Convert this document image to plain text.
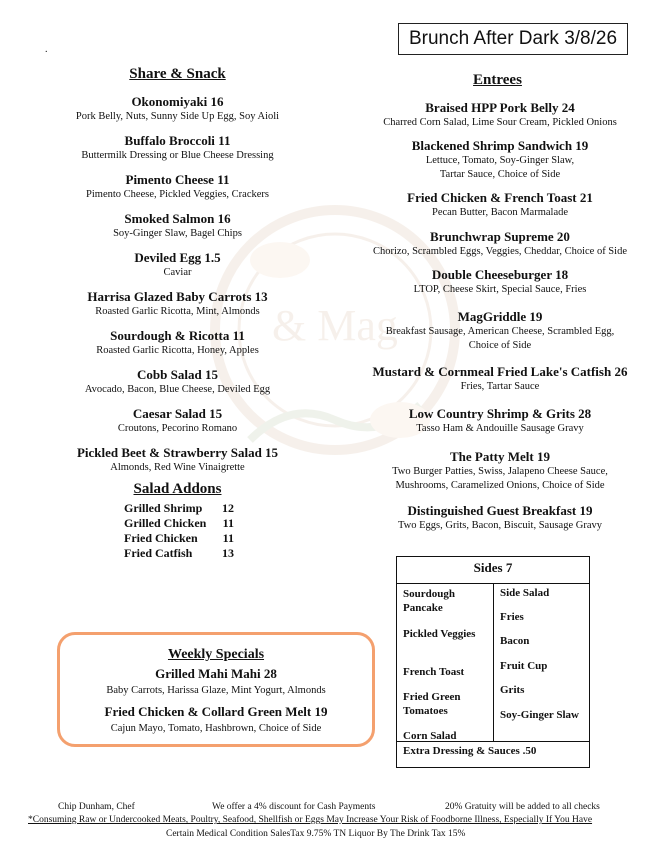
& Mag
Brunch After Dark 3/8/26
.
Share & Snack
Okonomiyaki 16
Pork Belly, Nuts, Sunny Side Up Egg, Soy Aioli
Buffalo Broccoli 11
Buttermilk Dressing or Blue Cheese Dressing
Pimento Cheese 11
Pimento Cheese, Pickled Veggies, Crackers
Smoked Salmon 16
Soy-Ginger Slaw, Bagel Chips
Deviled Egg 1.5
Caviar
Harrisa Glazed Baby Carrots 13
Roasted Garlic Ricotta, Mint, Almonds
Sourdough & Ricotta 11
Roasted Garlic Ricotta, Honey, Apples
Cobb Salad 15
Avocado, Bacon, Blue Cheese, Deviled Egg
Caesar Salad 15
Croutons, Pecorino Romano
Pickled Beet & Strawberry Salad 15
Almonds, Red Wine Vinaigrette
Salad Addons
Grilled Shrimp 12
Grilled Chicken 11
Fried Chicken 11
Fried Catfish 13
Weekly Specials
Grilled Mahi Mahi 28
Baby Carrots, Harissa Glaze, Mint Yogurt, Almonds
Fried Chicken & Collard Green Melt 19
Cajun Mayo, Tomato, Hashbrown, Choice of Side
Entrees
Braised HPP Pork Belly 24
Charred Corn Salad, Lime Sour Cream, Pickled Onions
Blackened Shrimp Sandwich 19
Lettuce, Tomato, Soy-Ginger Slaw,
Tartar Sauce, Choice of Side
Fried Chicken & French Toast 21
Pecan Butter, Bacon Marmalade
Brunchwrap Supreme 20
Chorizo, Scrambled Eggs, Veggies, Cheddar, Choice of Side
Double Cheeseburger 18
LTOP, Cheese Skirt, Special Sauce, Fries
MagGriddle 19
Breakfast Sausage, American Cheese, Scrambled Egg,
Choice of Side
Mustard & Cornmeal Fried Lake's Catfish 26
Fries, Tartar Sauce
Low Country Shrimp & Grits 28
Tasso Ham & Andouille Sausage Gravy
The Patty Melt 19
Two Burger Patties, Swiss, Jalapeno Cheese Sauce,
Mushrooms, Caramelized Onions, Choice of Side
Distinguished Guest Breakfast 19
Two Eggs, Grits, Bacon, Biscuit, Sausage Gravy
Sides 7
Sourdough Pancake
Pickled Veggies
French Toast
Fried Green Tomatoes
Corn Salad
Side Salad
Fries
Bacon
Fruit Cup
Grits
Soy-Ginger Slaw
Extra Dressing & Sauces .50
Chip Dunham, Chef	We offer a 4% discount for Cash Payments	20% Gratuity will be added to all checks
*Consuming Raw or Undercooked Meats, Poultry, Seafood, Shellfish or Eggs May Increase Your Risk of Foodborne Illness, Especially If You Have
Certain Medical Condition SalesTax 9.75% TN Liquor By The Drink Tax 15%
